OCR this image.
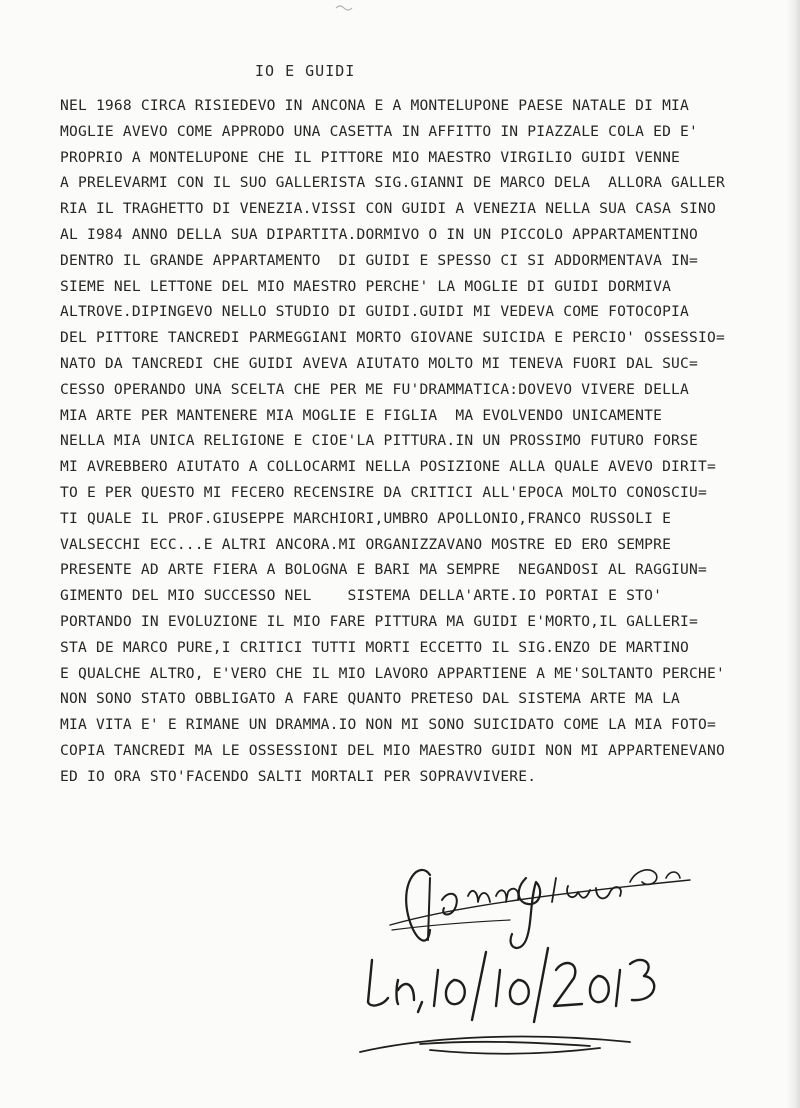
IO E GUIDI
NEL 1968 CIRCA RISIEDEVO IN ANCONA E A MONTELUPONE PAESE NATALE DI MIA
MOGLIE AVEVO COME APPRODO UNA CASETTA IN AFFITTO IN PIAZZALE COLA ED E'
PROPRIO A MONTELUPONE CHE IL PITTORE MIO MAESTRO VIRGILIO GUIDI VENNE
A PRELEVARMI CON IL SUO GALLERISTA SIG.GIANNI DE MARCO DELA  ALLORA GALLER
RIA IL TRAGHETTO DI VENEZIA.VISSI CON GUIDI A VENEZIA NELLA SUA CASA SINO
AL I984 ANNO DELLA SUA DIPARTITA.DORMIVO O IN UN PICCOLO APPARTAMENTINO
DENTRO IL GRANDE APPARTAMENTO  DI GUIDI E SPESSO CI SI ADDORMENTAVA IN=
SIEME NEL LETTONE DEL MIO MAESTRO PERCHE' LA MOGLIE DI GUIDI DORMIVA
ALTROVE.DIPINGEVO NELLO STUDIO DI GUIDI.GUIDI MI VEDEVA COME FOTOCOPIA
DEL PITTORE TANCREDI PARMEGGIANI MORTO GIOVANE SUICIDA E PERCIO' OSSESSIO=
NATO DA TANCREDI CHE GUIDI AVEVA AIUTATO MOLTO MI TENEVA FUORI DAL SUC=
CESSO OPERANDO UNA SCELTA CHE PER ME FU'DRAMMATICA:DOVEVO VIVERE DELLA
MIA ARTE PER MANTENERE MIA MOGLIE E FIGLIA  MA EVOLVENDO UNICAMENTE
NELLA MIA UNICA RELIGIONE E CIOE'LA PITTURA.IN UN PROSSIMO FUTURO FORSE
MI AVREBBERO AIUTATO A COLLOCARMI NELLA POSIZIONE ALLA QUALE AVEVO DIRIT=
TO E PER QUESTO MI FECERO RECENSIRE DA CRITICI ALL'EPOCA MOLTO CONOSCIU=
TI QUALE IL PROF.GIUSEPPE MARCHIORI,UMBRO APOLLONIO,FRANCO RUSSOLI E
VALSECCHI ECC...E ALTRI ANCORA.MI ORGANIZZAVANO MOSTRE ED ERO SEMPRE
PRESENTE AD ARTE FIERA A BOLOGNA E BARI MA SEMPRE  NEGANDOSI AL RAGGIUN=
GIMENTO DEL MIO SUCCESSO NEL    SISTEMA DELLA'ARTE.IO PORTAI E STO'
PORTANDO IN EVOLUZIONE IL MIO FARE PITTURA MA GUIDI E'MORTO,IL GALLERI=
STA DE MARCO PURE,I CRITICI TUTTI MORTI ECCETTO IL SIG.ENZO DE MARTINO
E QUALCHE ALTRO, E'VERO CHE IL MIO LAVORO APPARTIENE A ME'SOLTANTO PERCHE'
NON SONO STATO OBBLIGATO A FARE QUANTO PRETESO DAL SISTEMA ARTE MA LA
MIA VITA E' E RIMANE UN DRAMMA.IO NON MI SONO SUICIDATO COME LA MIA FOTO=
COPIA TANCREDI MA LE OSSESSIONI DEL MIO MAESTRO GUIDI NON MI APPARTENEVANO
ED IO ORA STO'FACENDO SALTI MORTALI PER SOPRAVVIVERE.
